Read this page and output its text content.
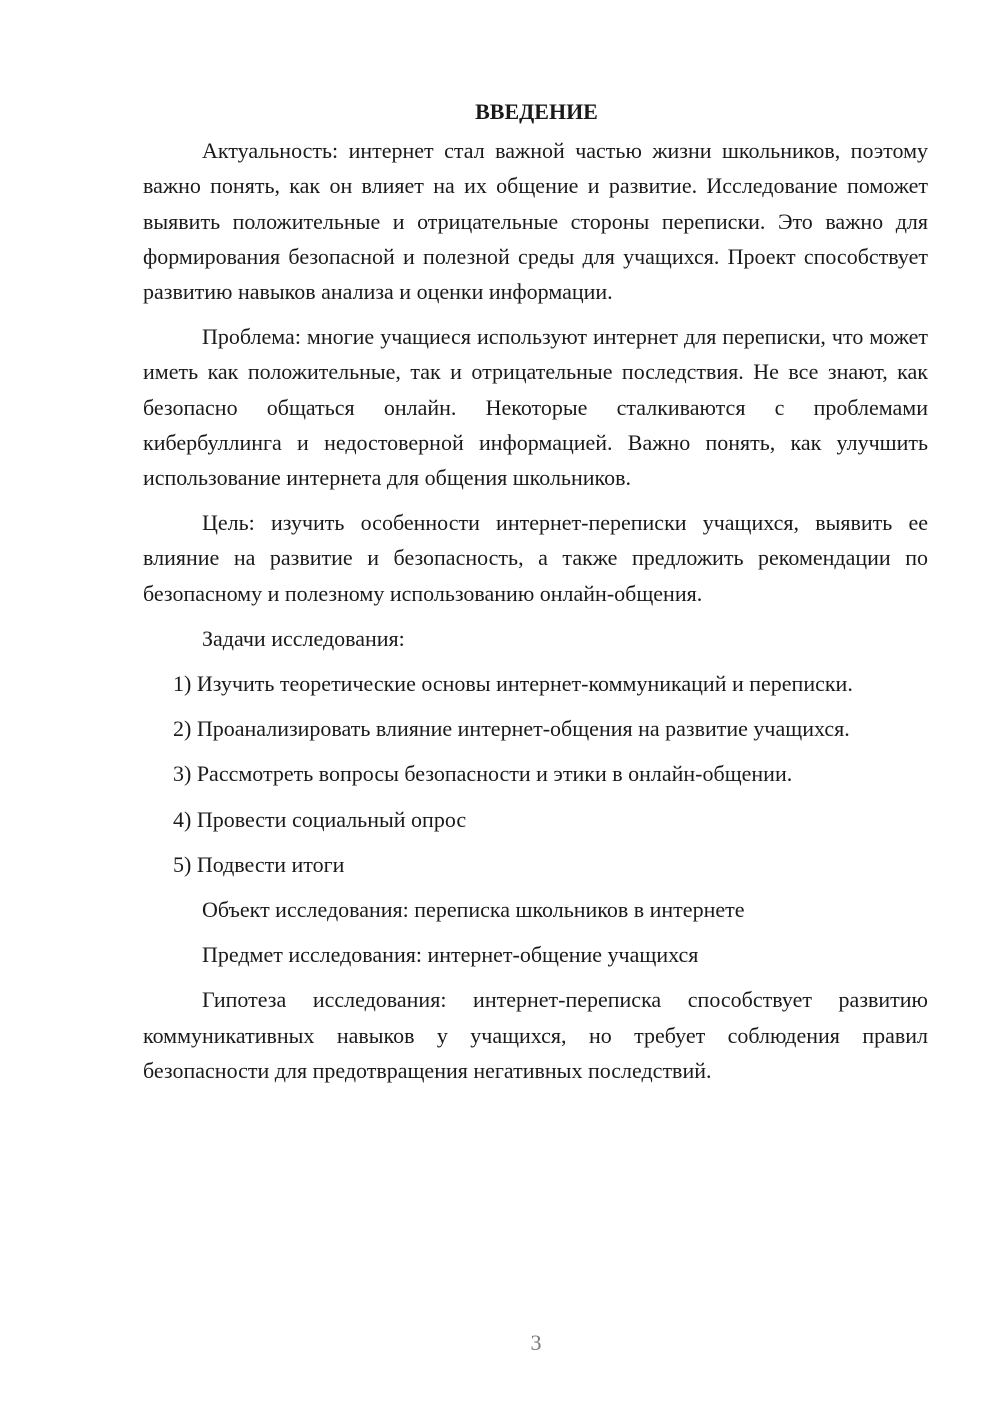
ВВЕДЕНИЕ

Актуальность: интернет стал важной частью жизни школьников, поэтому важно понять, как он влияет на их общение и развитие. Исследование поможет выявить положительные и отрицательные стороны переписки. Это важно для формирования безопасной и полезной среды для учащихся. Проект способствует развитию навыков анализа и оценки информации.

Проблема: многие учащиеся используют интернет для переписки, что может иметь как положительные, так и отрицательные последствия. Не все знают, как безопасно общаться онлайн. Некоторые сталкиваются с проблемами кибербуллинга и недостоверной информацией. Важно понять, как улучшить использование интернета для общения школьников.

Цель: изучить особенности интернет-переписки учащихся, выявить ее влияние на развитие и безопасность, а также предложить рекомендации по безопасному и полезному использованию онлайн-общения.

Задачи исследования:

1) Изучить теоретические основы интернет-коммуникаций и переписки.

2) Проанализировать влияние интернет-общения на развитие учащихся.

3) Рассмотреть вопросы безопасности и этики в онлайн-общении.

4) Провести социальный опрос

5) Подвести итоги

Объект исследования: переписка школьников в интернете

Предмет исследования: интернет-общение учащихся

Гипотеза исследования: интернет-переписка способствует развитию коммуникативных навыков у учащихся, но требует соблюдения правил безопасности для предотвращения негативных последствий.

3
